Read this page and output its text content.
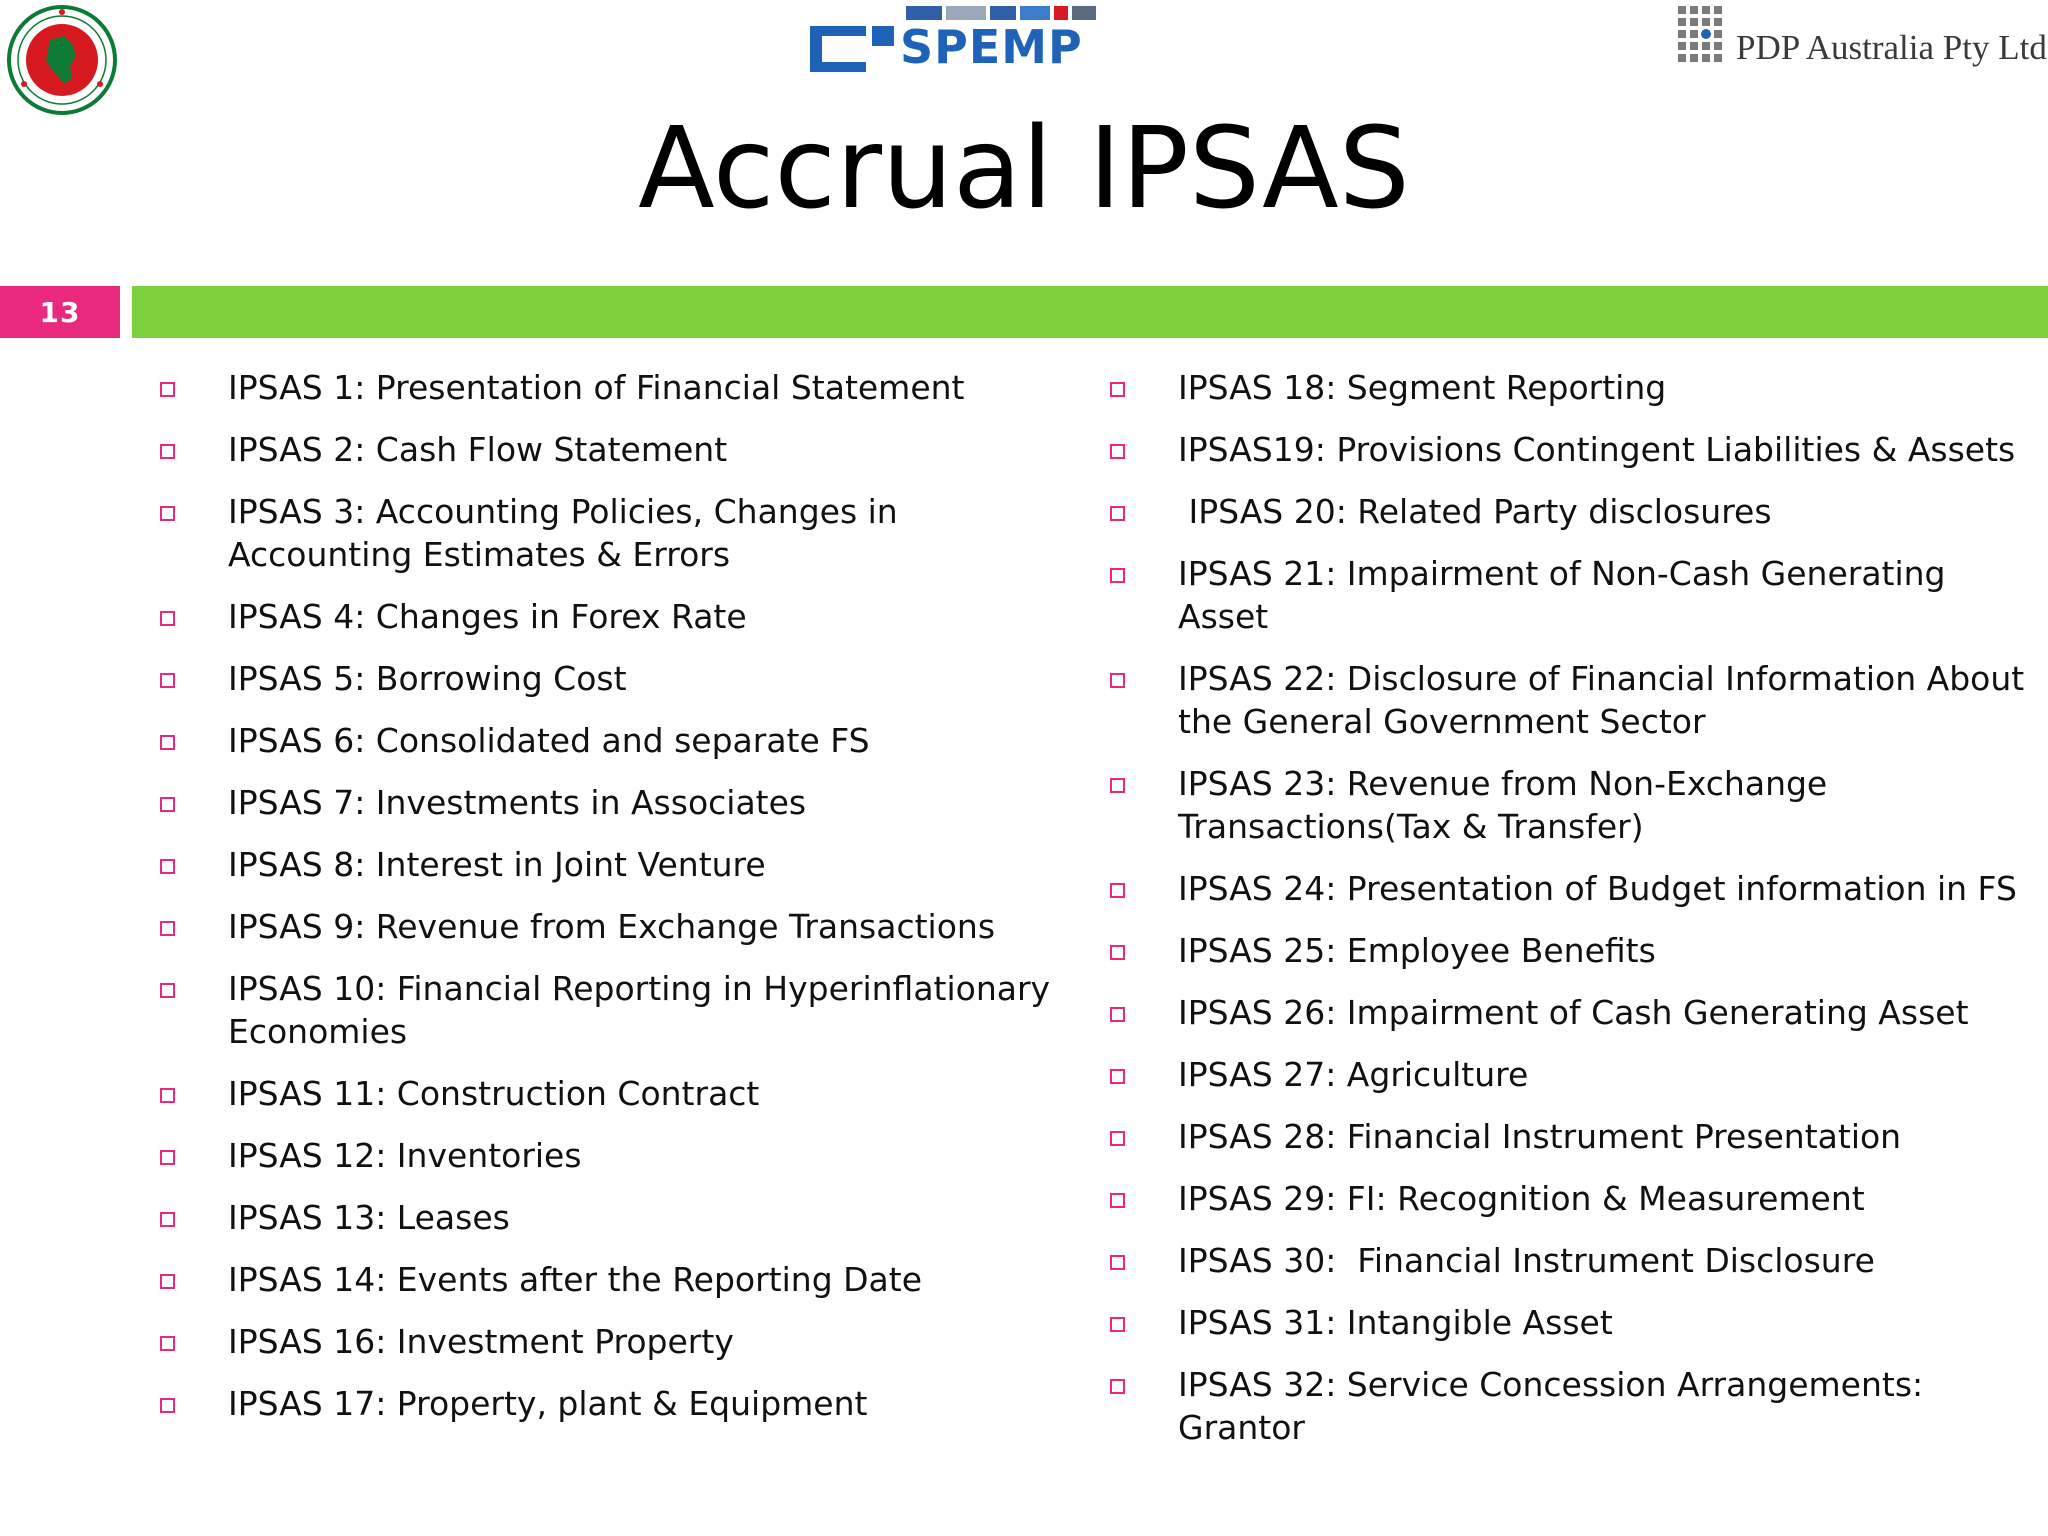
SPEMP	PDP Australia Pty Ltd
Accrual IPSAS
13
IPSAS 1: Presentation of Financial Statement
IPSAS 2: Cash Flow Statement
IPSAS 3: Accounting Policies, Changes in Accounting Estimates & Errors
IPSAS 4: Changes in Forex Rate
IPSAS 5: Borrowing Cost
IPSAS 6: Consolidated and separate FS
IPSAS 7: Investments in Associates
IPSAS 8: Interest in Joint Venture
IPSAS 9: Revenue from Exchange Transactions
IPSAS 10: Financial Reporting in Hyperinflationary Economies
IPSAS 11: Construction Contract
IPSAS 12: Inventories
IPSAS 13: Leases
IPSAS 14: Events after the Reporting Date
IPSAS 16: Investment Property
IPSAS 17: Property, plant & Equipment
IPSAS 18: Segment Reporting
IPSAS19: Provisions Contingent Liabilities & Assets
IPSAS 20: Related Party disclosures
IPSAS 21: Impairment of Non-Cash Generating Asset
IPSAS 22: Disclosure of Financial Information About the General Government Sector
IPSAS 23: Revenue from Non-Exchange Transactions(Tax & Transfer)
IPSAS 24: Presentation of Budget information in FS
IPSAS 25: Employee Benefits
IPSAS 26: Impairment of Cash Generating Asset
IPSAS 27: Agriculture
IPSAS 28: Financial Instrument Presentation
IPSAS 29: FI: Recognition & Measurement
IPSAS 30:  Financial Instrument Disclosure
IPSAS 31: Intangible Asset
IPSAS 32: Service Concession Arrangements: Grantor
